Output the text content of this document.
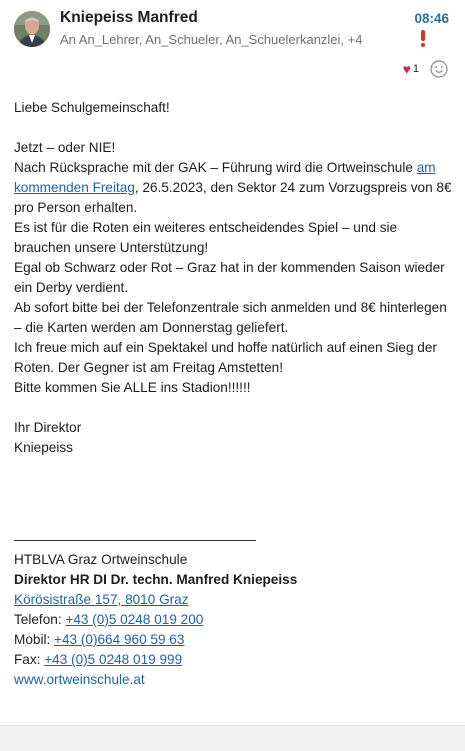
Kniepeiss Manfred
An An_Lehrer, An_Schueler, An_Schuelerkanzlei, +4
08:46
♥ 1

Liebe Schulgemeinschaft!

Jetzt – oder NIE!

Nach Rücksprache mit der GAK – Führung wird die Ortweinschule am kommenden Freitag, 26.5.2023, den Sektor 24 zum Vorzugspreis von 8€ pro Person erhalten.

Es ist für die Roten ein weiteres entscheidendes Spiel – und sie brauchen unsere Unterstützung!

Egal ob Schwarz oder Rot – Graz hat in der kommenden Saison wieder ein Derby verdient.

Ab sofort bitte bei der Telefonzentrale sich anmelden und 8€ hinterlegen – die Karten werden am Donnerstag geliefert.

Ich freue mich auf ein Spektakel und hoffe natürlich auf einen Sieg der Roten. Der Gegner ist am Freitag Amstetten!

Bitte kommen Sie ALLE ins Stadion!!!!!!

Ihr Direktor

Kniepeiss

HTBLVA Graz Ortweinschule
Direktor HR DI Dr. techn. Manfred Kniepeiss
Körösistraße 157, 8010 Graz
Telefon: +43 (0)5 0248 019 200
Mobil: +43 (0)664 960 59 63
Fax: +43 (0)5 0248 019 999
www.ortweinschule.at
